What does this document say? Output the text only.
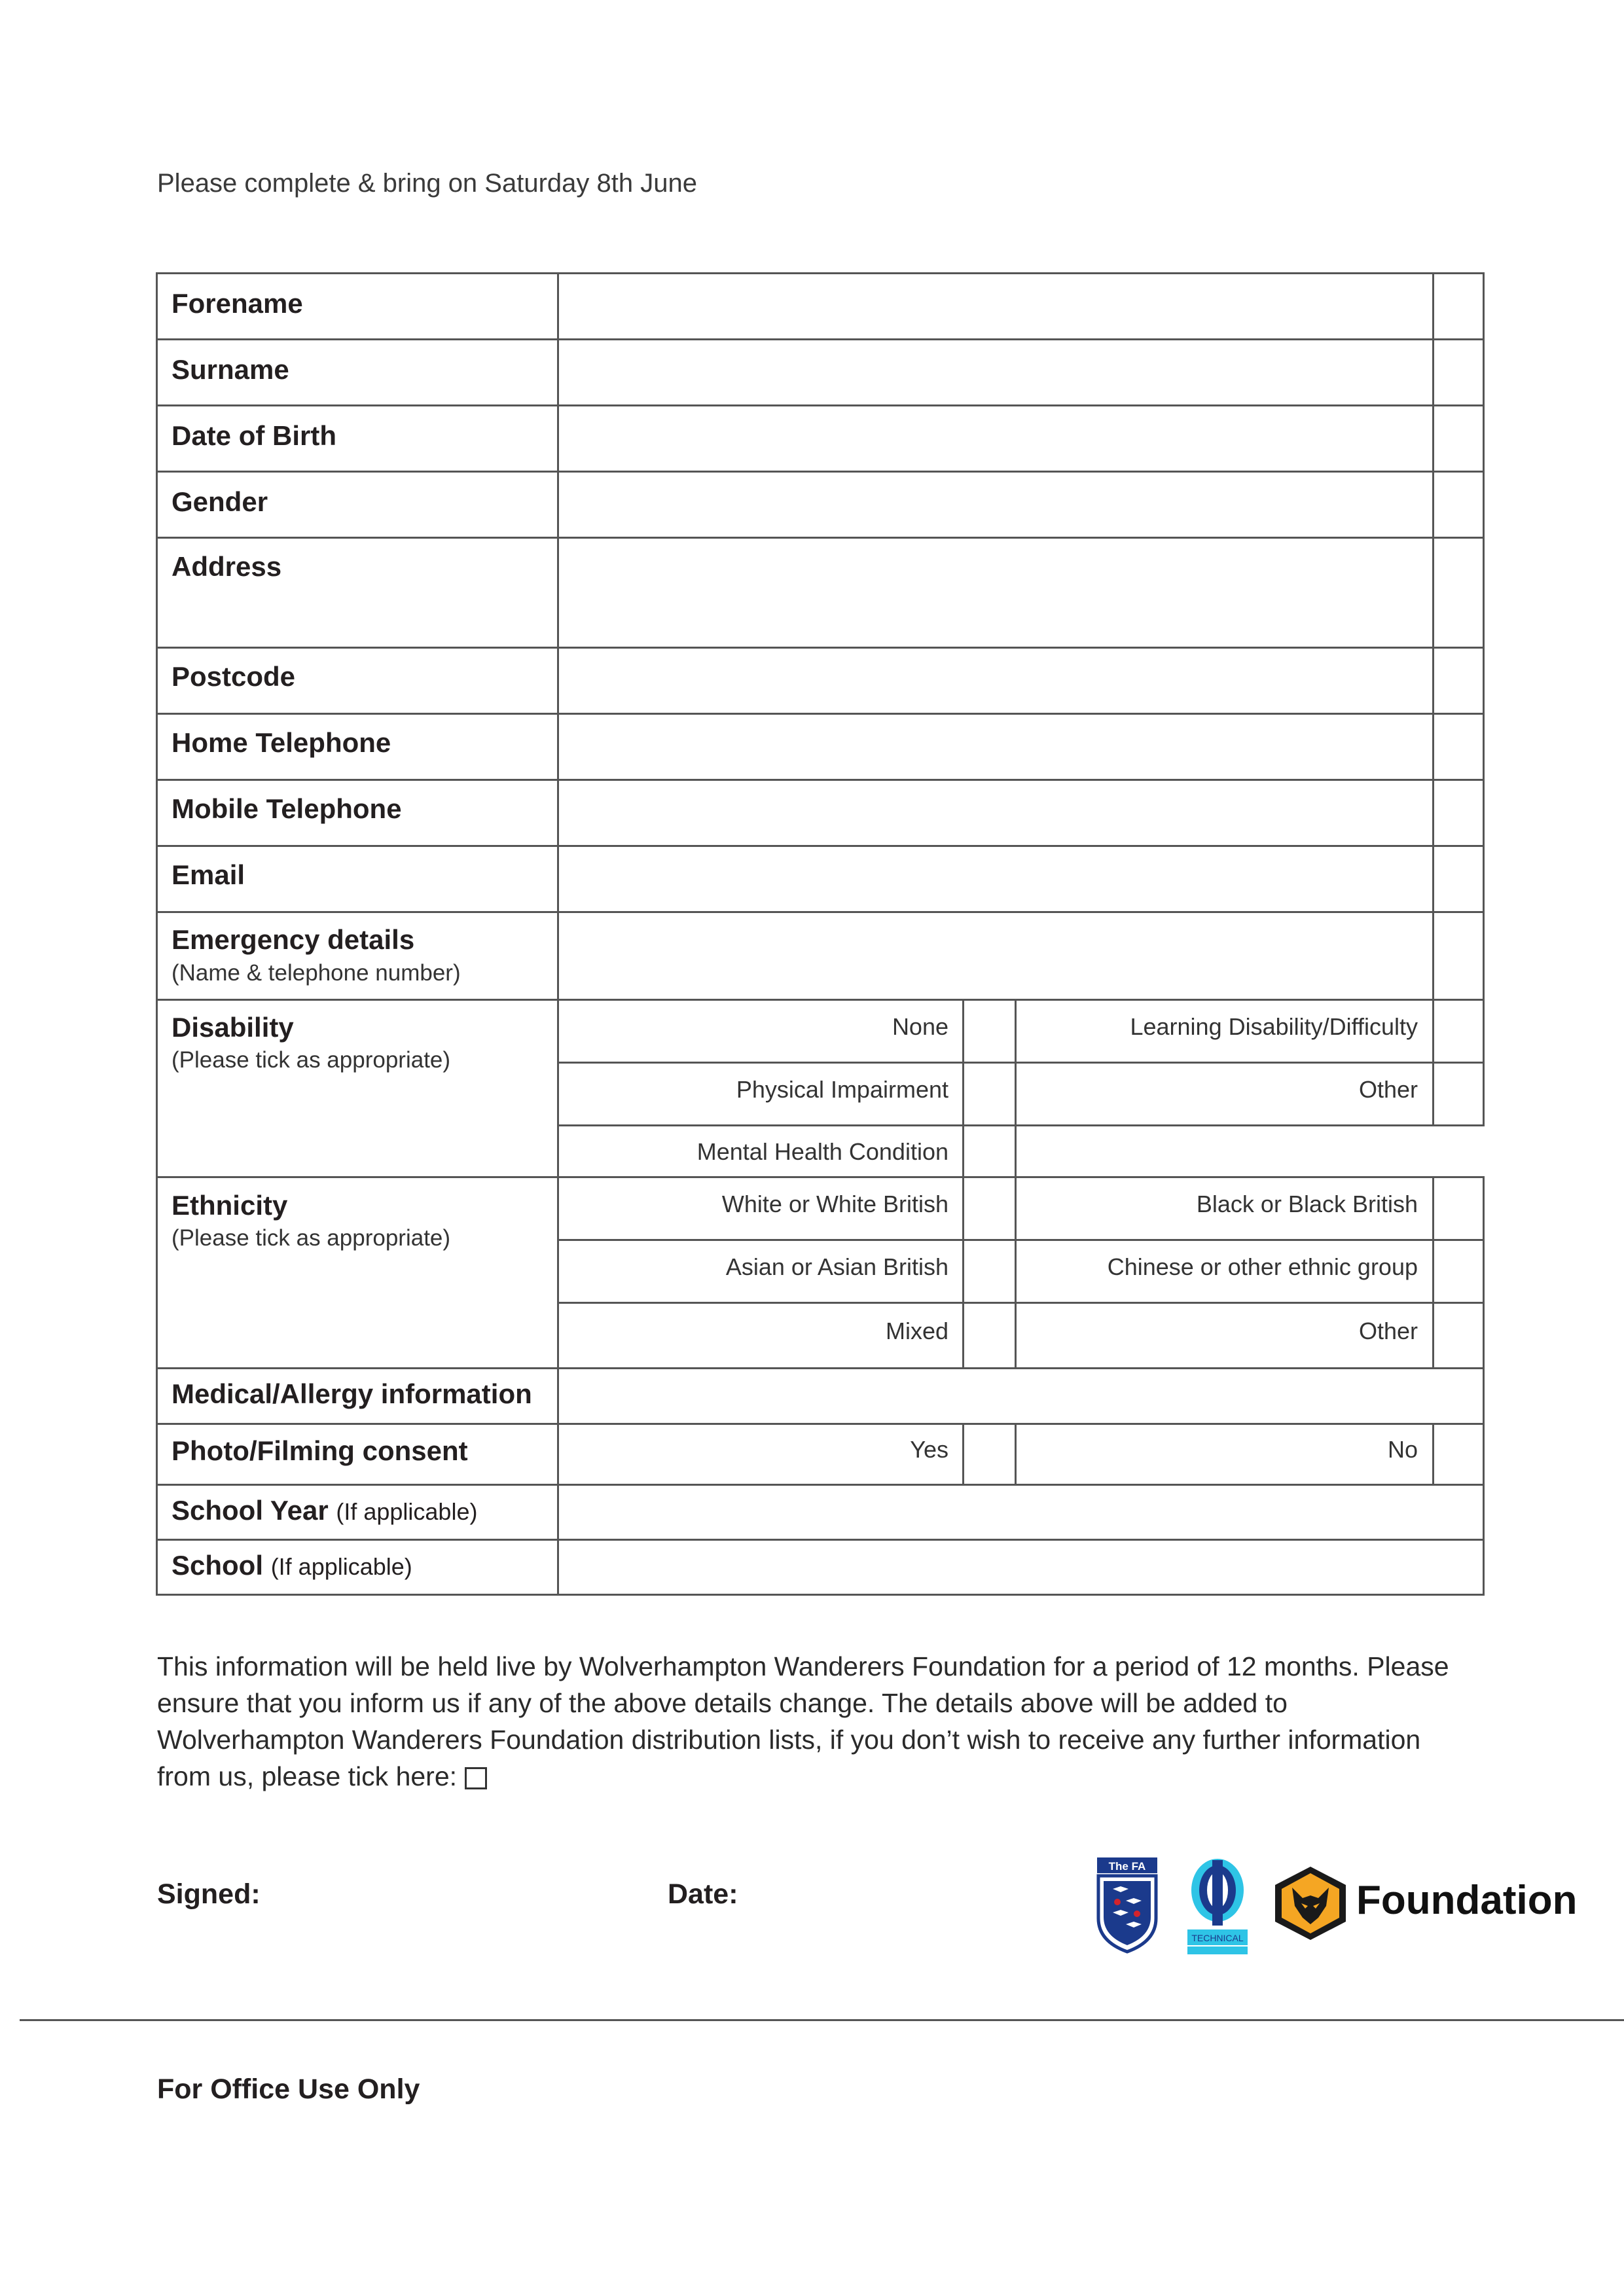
Please complete & bring on Saturday 8th June
Forename
Surname
Date of Birth
Gender
Address
Postcode
Home Telephone
Mobile Telephone
Email
Emergency details
(Name & telephone number)
Disability
(Please tick as appropriate)
None	Learning Disability/Difficulty
Physical Impairment	Other
Mental Health Condition
Ethnicity
(Please tick as appropriate)
White or White British	Black or Black British
Asian or Asian British	Chinese or other ethnic group
Mixed	Other
Medical/Allergy information
Photo/Filming consent	Yes	No
School Year (If applicable)
School (If applicable)
This information will be held live by Wolverhampton Wanderers Foundation for a period of 12 months. Please ensure that you inform us if any of the above details change. The details above will be added to Wolverhampton Wanderers Foundation distribution lists, if you don’t wish to receive any further information from us, please tick here:
Signed:	Date:
The FA
TECHNICAL
Foundation
For Office Use Only
